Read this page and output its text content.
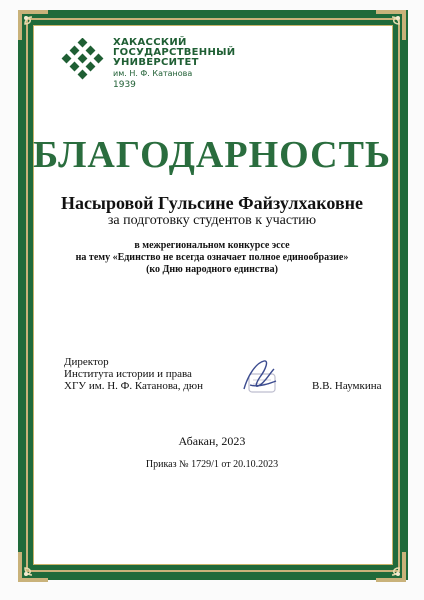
ХАКАССКИЙ
ГОСУДАРСТВЕННЫЙ
УНИВЕРСИТЕТ
им. Н. Ф. Катанова
1939
БЛАГОДАРНОСТЬ
Насыровой Гульсине Файзулхаковне
за подготовку студентов к участию
в межрегиональном конкурсе эссе
на тему «Единство не всегда означает полное единообразие»
(ко Дню народного единства)
Директор
Института истории и права
ХГУ им. Н. Ф. Катанова, дюн	В.В. Наумкина
Абакан, 2023
Приказ № 1729/1 от 20.10.2023
